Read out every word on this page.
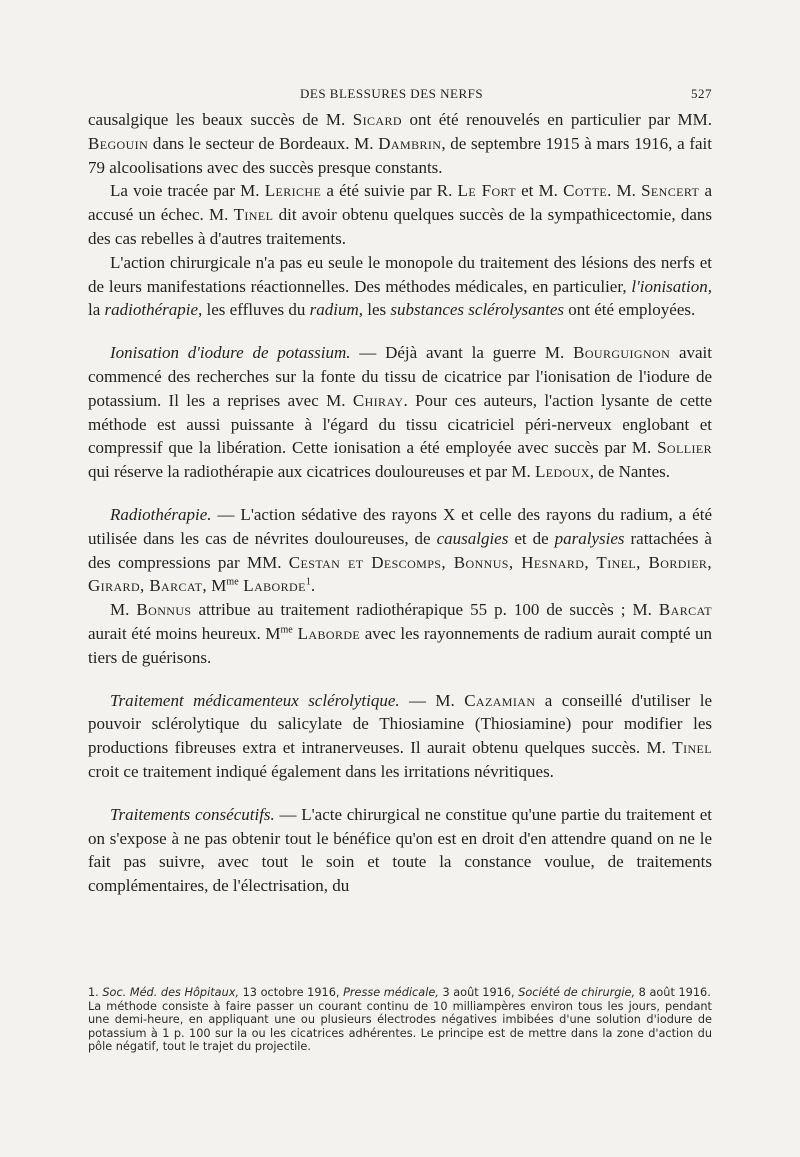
DES BLESSURES DES NERFS	527

causalgique les beaux succès de M. Sicard ont été renouvelés en particulier par MM. Begouin dans le secteur de Bordeaux. M. Dambrin, de septembre 1915 à mars 1916, a fait 79 alcoolisations avec des succès presque constants.

La voie tracée par M. Leriche a été suivie par R. Le Fort et M. Cotte. M. Sencert a accusé un échec. M. Tinel dit avoir obtenu quelques succès de la sympathicectomie, dans des cas rebelles à d'autres traitements.

L'action chirurgicale n'a pas eu seule le monopole du traitement des lésions des nerfs et de leurs manifestations réactionnelles. Des méthodes médicales, en particulier, l'ionisation, la radiothérapie, les effluves du radium, les substances sclérolysantes ont été employées.

Ionisation d'iodure de potassium. — Déjà avant la guerre M. Bourguignon avait commencé des recherches sur la fonte du tissu de cicatrice par l'ionisation de l'iodure de potassium. Il les a reprises avec M. Chiray. Pour ces auteurs, l'action lysante de cette méthode est aussi puissante à l'égard du tissu cicatriciel péri-nerveux englobant et compressif que la libération. Cette ionisation a été employée avec succès par M. Sollier qui réserve la radiothérapie aux cicatrices douloureuses et par M. Ledoux, de Nantes.

Radiothérapie. — L'action sédative des rayons X et celle des rayons du radium, a été utilisée dans les cas de névrites douloureuses, de causalgies et de paralysies rattachées à des compressions par MM. Cestan et Descomps, Bonnus, Hesnard, Tinel, Bordier, Girard, Barcat, $M^{me}$ Laborde$^1$.

M. Bonnus attribue au traitement radiothérapique 55 p. 100 de succès ; M. Barcat aurait été moins heureux. $M^{me}$ Laborde avec les rayonnements de radium aurait compté un tiers de guérisons.

Traitement médicamenteux sclérolytique. — M. Cazamian a conseillé d'utiliser le pouvoir sclérolytique du salicylate de Thiosiamine (Thiosiamine) pour modifier les productions fibreuses extra et intranerveuses. Il aurait obtenu quelques succès. M. Tinel croit ce traitement indiqué également dans les irritations névritiques.

Traitements consécutifs. — L'acte chirurgical ne constitue qu'une partie du traitement et on s'expose à ne pas obtenir tout le bénéfice qu'on est en droit d'en attendre quand on ne le fait pas suivre, avec tout le soin et toute la constance voulue, de traitements complémentaires, de l'électrisation, du

1. Soc. Méd. des Hôpitaux, 13 octobre 1916, Presse médicale, 3 août 1916, Société de chirurgie, 8 août 1916.

La méthode consiste à faire passer un courant continu de 10 milliampères environ tous les jours, pendant une demi-heure, en appliquant une ou plusieurs électrodes négatives imbibées d'une solution d'iodure de potassium à 1 p. 100 sur la ou les cicatrices adhérentes. Le principe est de mettre dans la zone d'action du pôle négatif, tout le trajet du projectile.
